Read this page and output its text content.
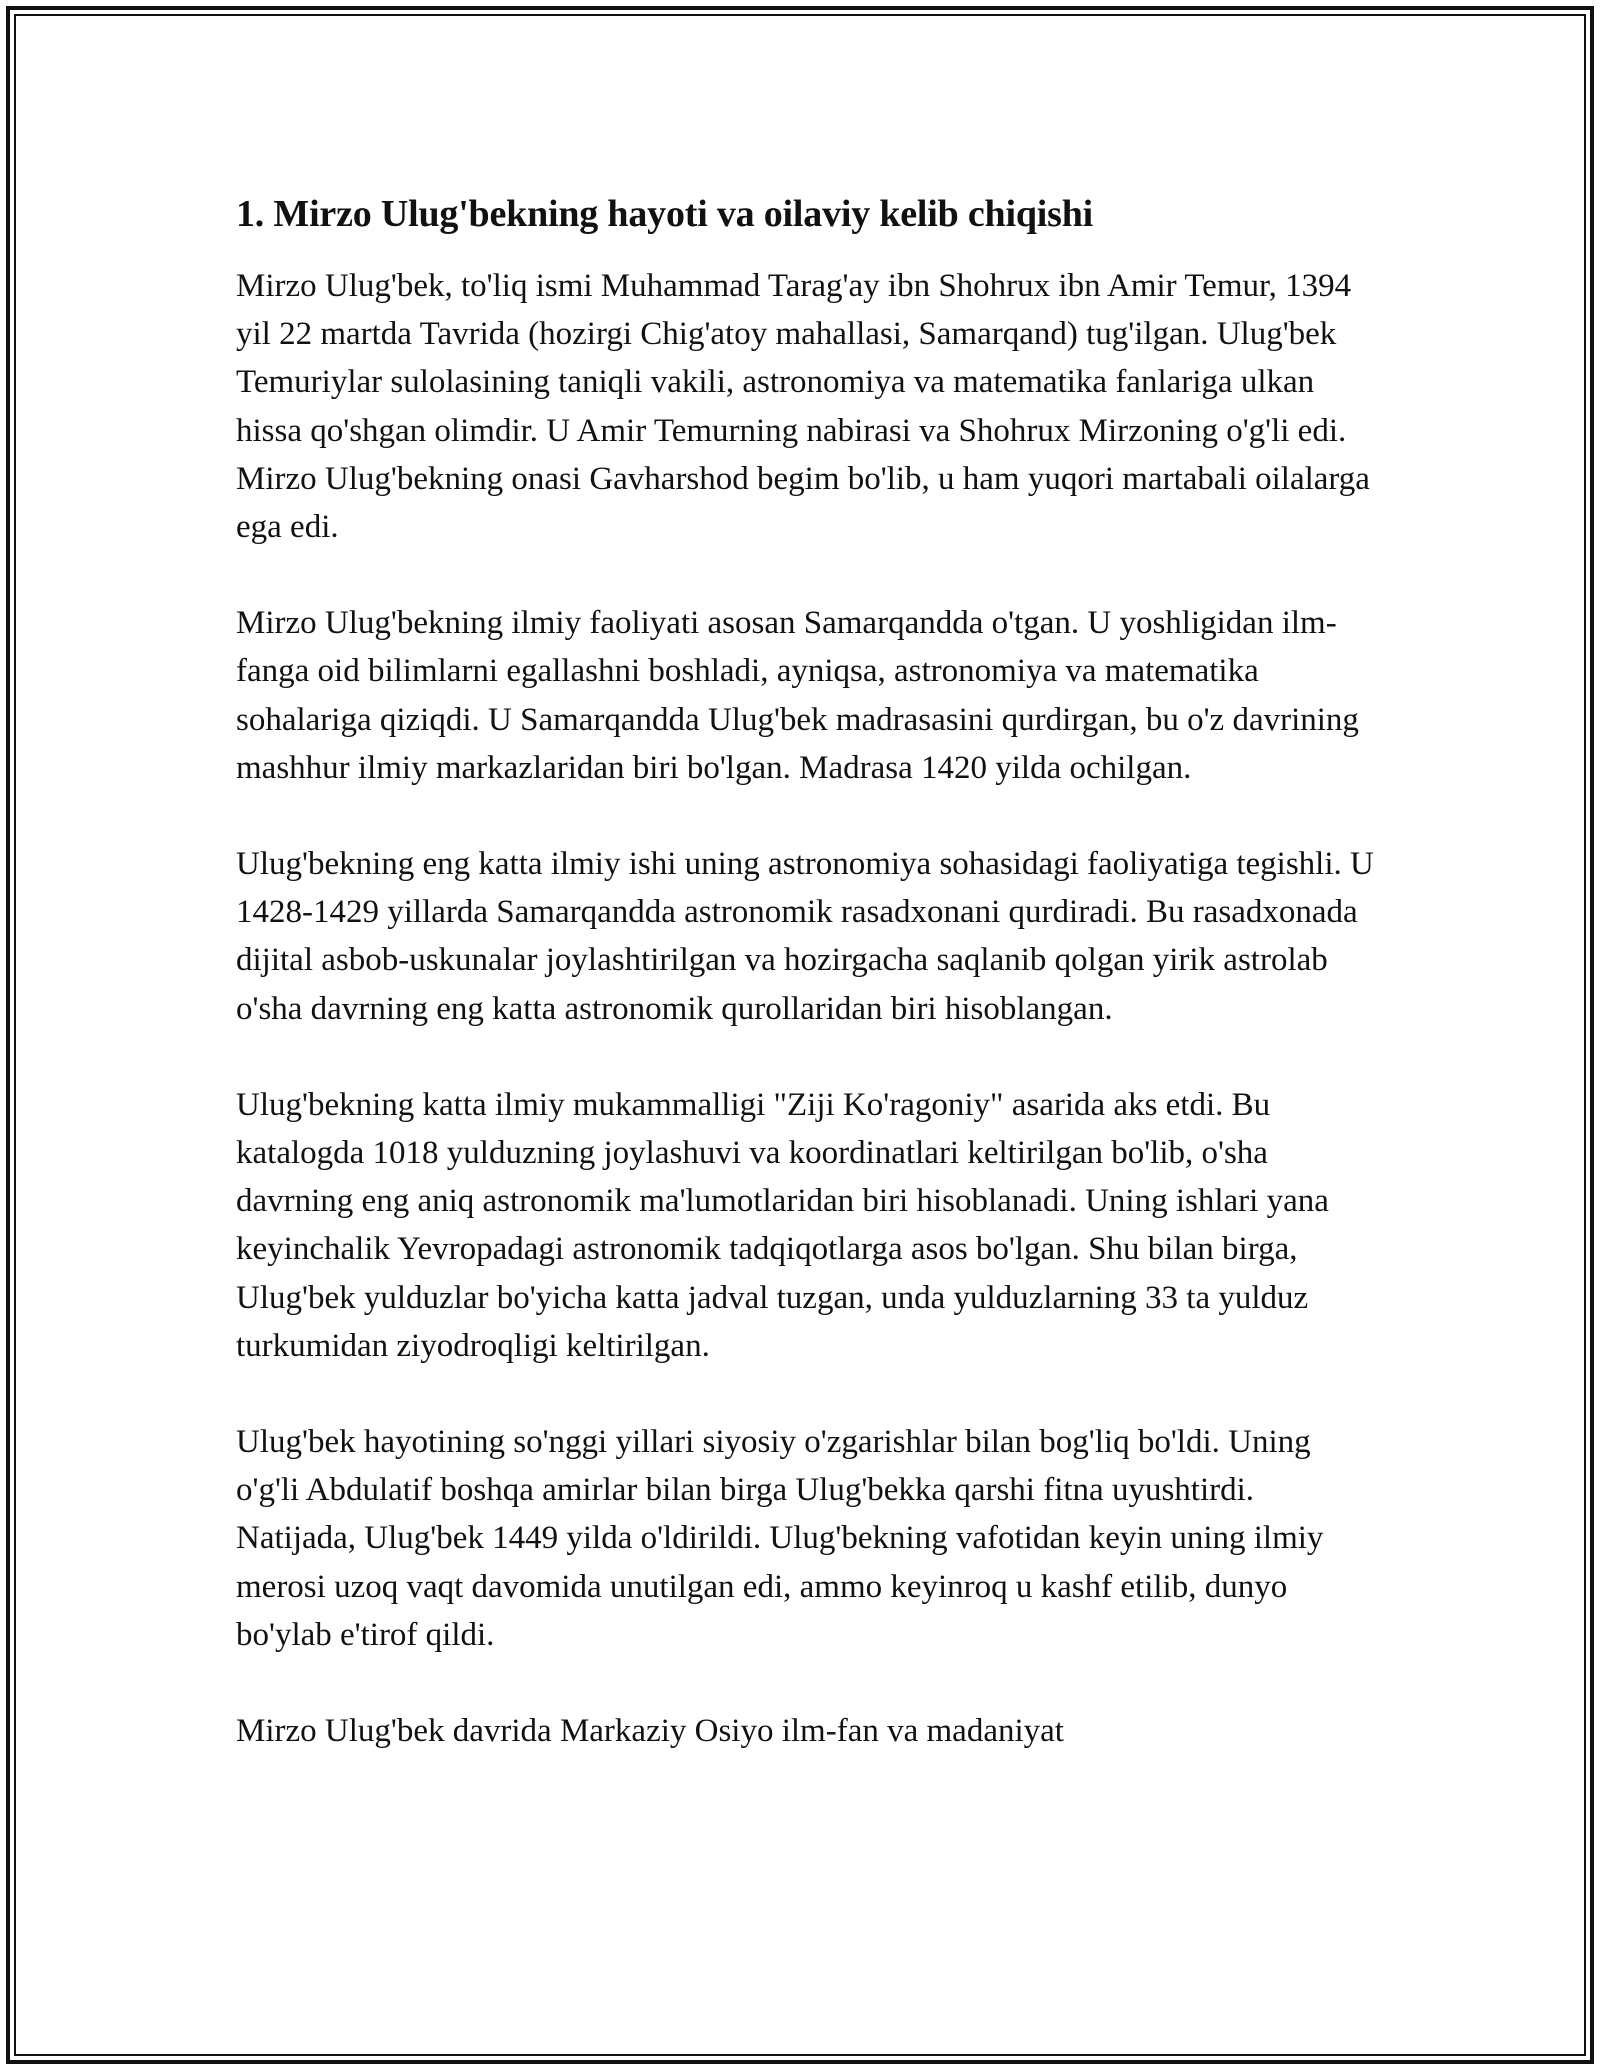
1. Mirzo Ulug'bekning hayoti va oilaviy kelib chiqishi

Mirzo Ulug'bek, to'liq ismi Muhammad Tarag'ay ibn Shohrux ibn Amir Temur, 1394 yil 22 martda Tavrida (hozirgi Chig'atoy mahallasi, Samarqand) tug'ilgan. Ulug'bek Temuriylar sulolasining taniqli vakili, astronomiya va matematika fanlariga ulkan hissa qo'shgan olimdir. U Amir Temurning nabirasi va Shohrux Mirzoning o'g'li edi. Mirzo Ulug'bekning onasi Gavharshod begim bo'lib, u ham yuqori martabali oilalarga ega edi.

Mirzo Ulug'bekning ilmiy faoliyati asosan Samarqandda o'tgan. U yoshligidan ilm-fanga oid bilimlarni egallashni boshladi, ayniqsa, astronomiya va matematika sohalariga qiziqdi. U Samarqandda Ulug'bek madrasasini qurdirgan, bu o'z davrining mashhur ilmiy markazlaridan biri bo'lgan. Madrasa 1420 yilda ochilgan.

Ulug'bekning eng katta ilmiy ishi uning astronomiya sohasidagi faoliyatiga tegishli. U 1428-1429 yillarda Samarqandda astronomik rasadxonani qurdiradi. Bu rasadxonada dijital asbob-uskunalar joylashtirilgan va hozirgacha saqlanib qolgan yirik astrolab o'sha davrning eng katta astronomik qurollaridan biri hisoblangan.

Ulug'bekning katta ilmiy mukammalligi "Ziji Ko'ragoniy" asarida aks etdi. Bu katalogda 1018 yulduzning joylashuvi va koordinatlari keltirilgan bo'lib, o'sha davrning eng aniq astronomik ma'lumotlaridan biri hisoblanadi. Uning ishlari yana keyinchalik Yevropadagi astronomik tadqiqotlarga asos bo'lgan. Shu bilan birga, Ulug'bek yulduzlar bo'yicha katta jadval tuzgan, unda yulduzlarning 33 ta yulduz turkumidan ziyodroqligi keltirilgan.

Ulug'bek hayotining so'nggi yillari siyosiy o'zgarishlar bilan bog'liq bo'ldi. Uning o'g'li Abdulatif boshqa amirlar bilan birga Ulug'bekka qarshi fitna uyushtirdi. Natijada, Ulug'bek 1449 yilda o'ldirildi. Ulug'bekning vafotidan keyin uning ilmiy merosi uzoq vaqt davomida unutilgan edi, ammo keyinroq u kashf etilib, dunyo bo'ylab e'tirof qildi.

Mirzo Ulug'bek davrida Markaziy Osiyo ilm-fan va madaniyat
